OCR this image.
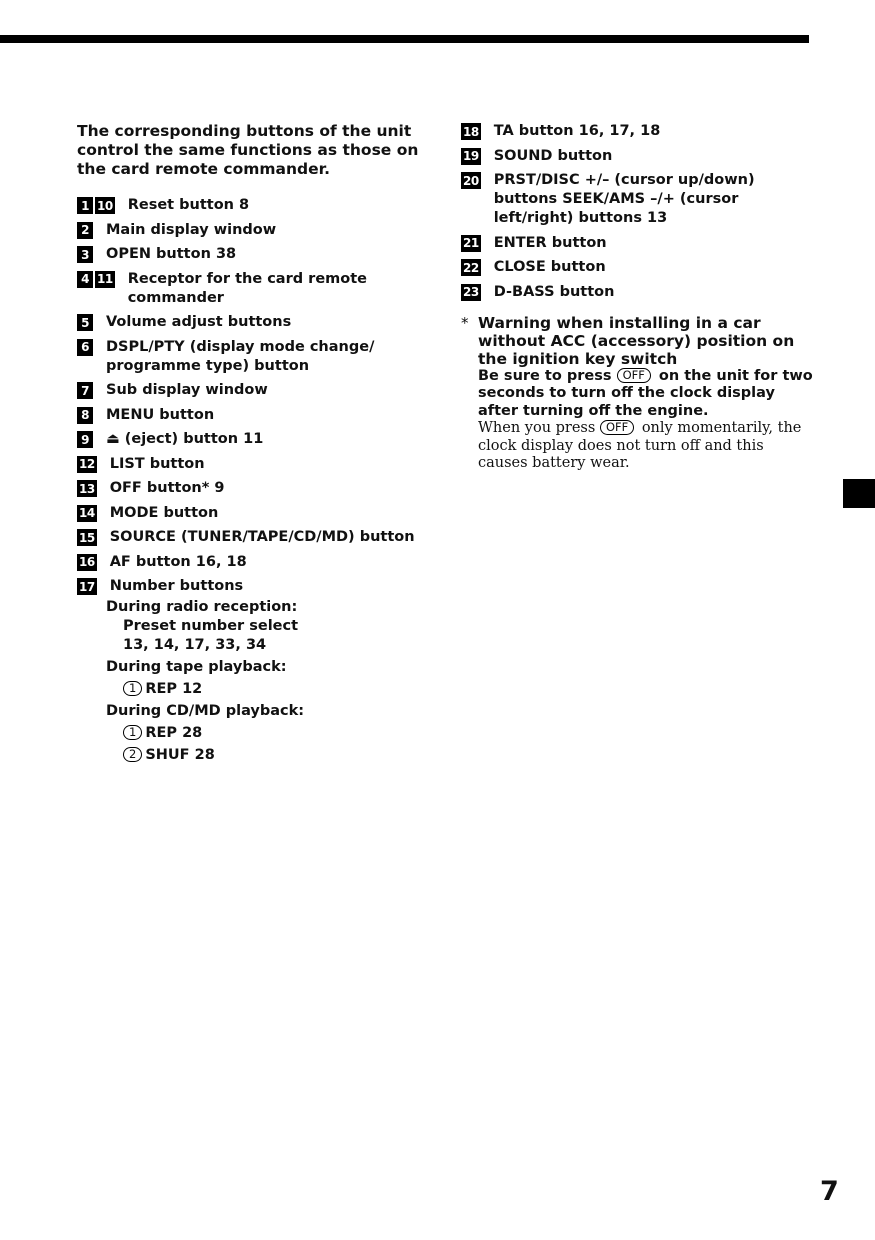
The corresponding buttons of the unit control the same functions as those on the card remote commander.
1 10 Reset button 8
2 Main display window
3 OPEN button 38
4 11 Receptor for the card remote commander
5 Volume adjust buttons
6 DSPL/PTY (display mode change/ programme type) button
7 Sub display window
8 MENU button
9 ⏏ (eject) button 11
12 LIST button
13 OFF button* 9
14 MODE button
15 SOURCE (TUNER/TAPE/CD/MD) button
16 AF button 16, 18
17 Number buttons
During radio reception:
Preset number select
13, 14, 17, 33, 34
During tape playback:
1 REP 12
During CD/MD playback:
1 REP 28
2 SHUF 28
18 TA button 16, 17, 18
19 SOUND button
20 PRST/DISC +/– (cursor up/down) buttons SEEK/AMS –/+ (cursor left/right) buttons 13
21 ENTER button
22 CLOSE button
23 D-BASS button
* Warning when installing in a car without ACC (accessory) position on the ignition key switch
Be sure to press OFF on the unit for two seconds to turn off the clock display after turning off the engine.
When you press OFF only momentarily, the clock display does not turn off and this causes battery wear.
7
